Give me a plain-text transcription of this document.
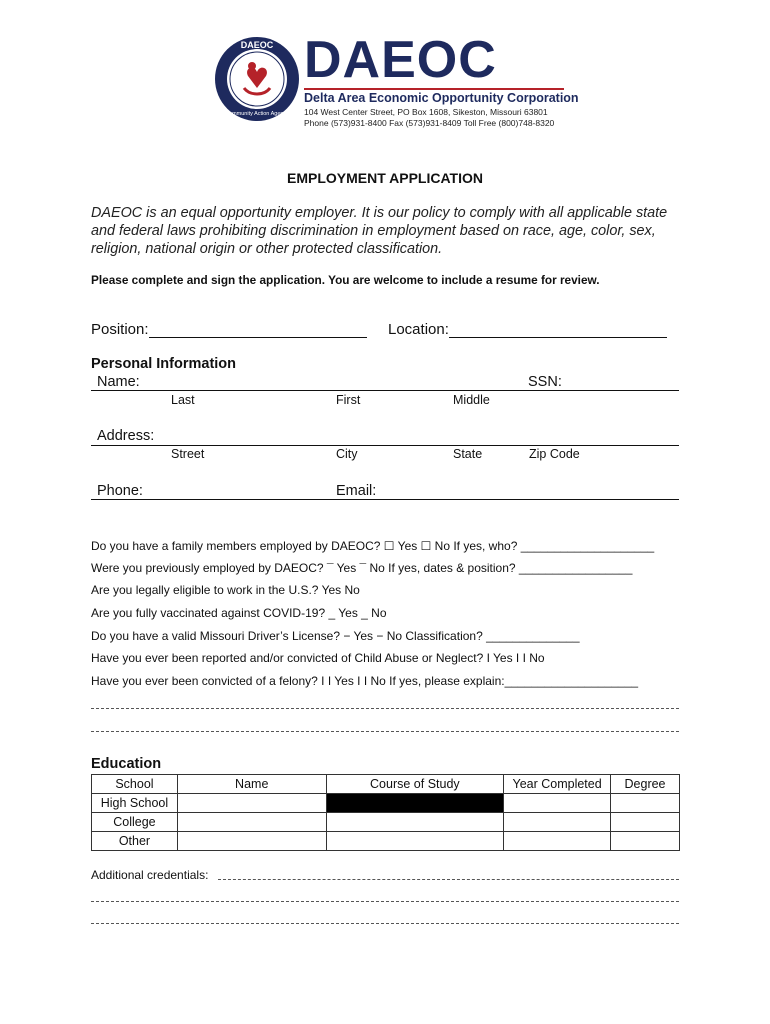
DAEOC
Community Action Agency
DAEOC
Delta Area Economic Opportunity Corporation
104 West Center Street, PO Box 1608, Sikeston, Missouri 63801
Phone (573)931-8400 Fax (573)931-8409 Toll Free (800)748-8320
EMPLOYMENT APPLICATION
DAEOC is an equal opportunity employer. It is our policy to comply with all applicable state and federal laws prohibiting discrimination in employment based on race, age, color, sex, religion, national origin or other protected classification.
Please complete and sign the application. You are welcome to include a resume for review.
Position:	Location:
Personal Information
Name:	SSN:
Last	First	Middle
Address:
Street	City	State	Zip Code
Phone:	Email:
Do you have a family members employed by DAEOC? ☐ Yes ☐ No If yes, who? ____________________
Were you previously employed by DAEOC? ¯ Yes ¯ No If yes, dates & position? _________________
Are you legally eligible to work in the U.S.? Yes No
Are you fully vaccinated against COVID-19? _ Yes _ No
Do you have a valid Missouri Driver’s License? − Yes − No Classification? ______________
Have you ever been reported and/or convicted of Child Abuse or Neglect? I Yes I I No
Have you ever been convicted of a felony? I I Yes I I No If yes, please explain:____________________
Education
School	Name	Course of Study	Year Completed	Degree
High School				
College				
Other				
Additional credentials:
